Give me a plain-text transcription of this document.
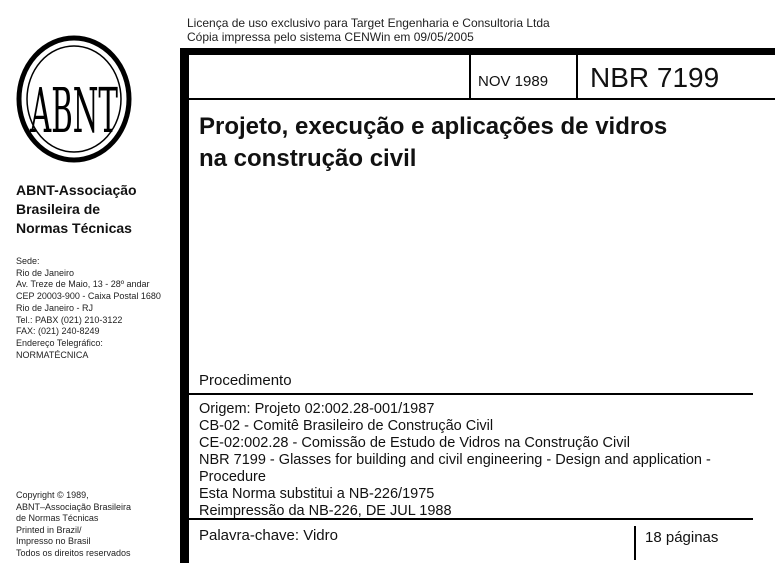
Licença de uso exclusivo para Target Engenharia e Consultoria Ltda
Cópia impressa pelo sistema CENWin em 09/05/2005
ABNT
ABNT-Associação
Brasileira de
Normas Técnicas
Sede:
Rio de Janeiro
Av. Treze de Maio, 13 - 28º andar
CEP 20003-900 - Caixa Postal 1680
Rio de Janeiro - RJ
Tel.: PABX (021) 210-3122
FAX: (021) 240-8249
Endereço Telegráfico:
NORMATÉCNICA
Copyright © 1989,
ABNT–Associação Brasileira
de Normas Técnicas
Printed in Brazil/
Impresso no Brasil
Todos os direitos reservados
NOV 1989 NBR 7199
Projeto, execução e aplicações de vidros
na construção civil
Procedimento
Origem: Projeto 02:002.28-001/1987
CB-02 - Comitê Brasileiro de Construção Civil
CE-02:002.28 - Comissão de Estudo de Vidros na Construção Civil
NBR 7199 - Glasses for building and civil engineering - Design and application -
Procedure
Esta Norma substitui a NB-226/1975
Reimpressão da NB-226, DE JUL 1988
Palavra-chave: Vidro	18 páginas
